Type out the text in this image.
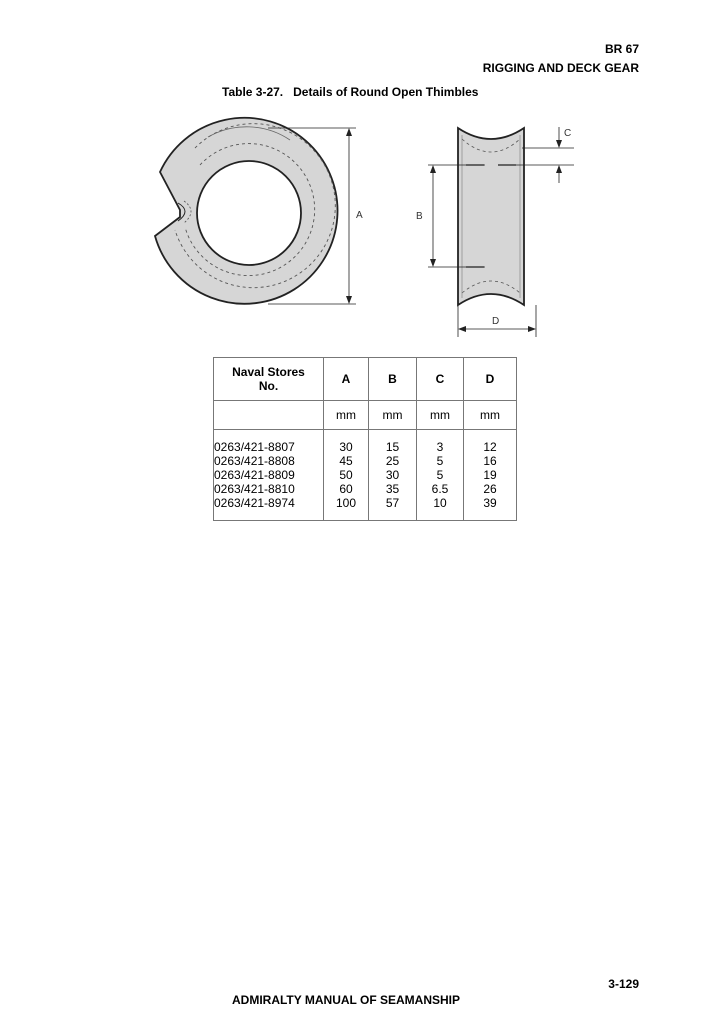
BR 67
RIGGING AND DECK GEAR
Table 3-27.   Details of Round Open Thimbles
A	B
C
D
Naval Stores No.	A	B	C	D
	mm	mm	mm	mm
0263/421-8807	30	15	3	12
0263/421-8808	45	25	5	16
0263/421-8809	50	30	5	19
0263/421-8810	60	35	6.5	26
0263/421-8974	100	57	10	39
3-129
ADMIRALTY MANUAL OF SEAMANSHIP
